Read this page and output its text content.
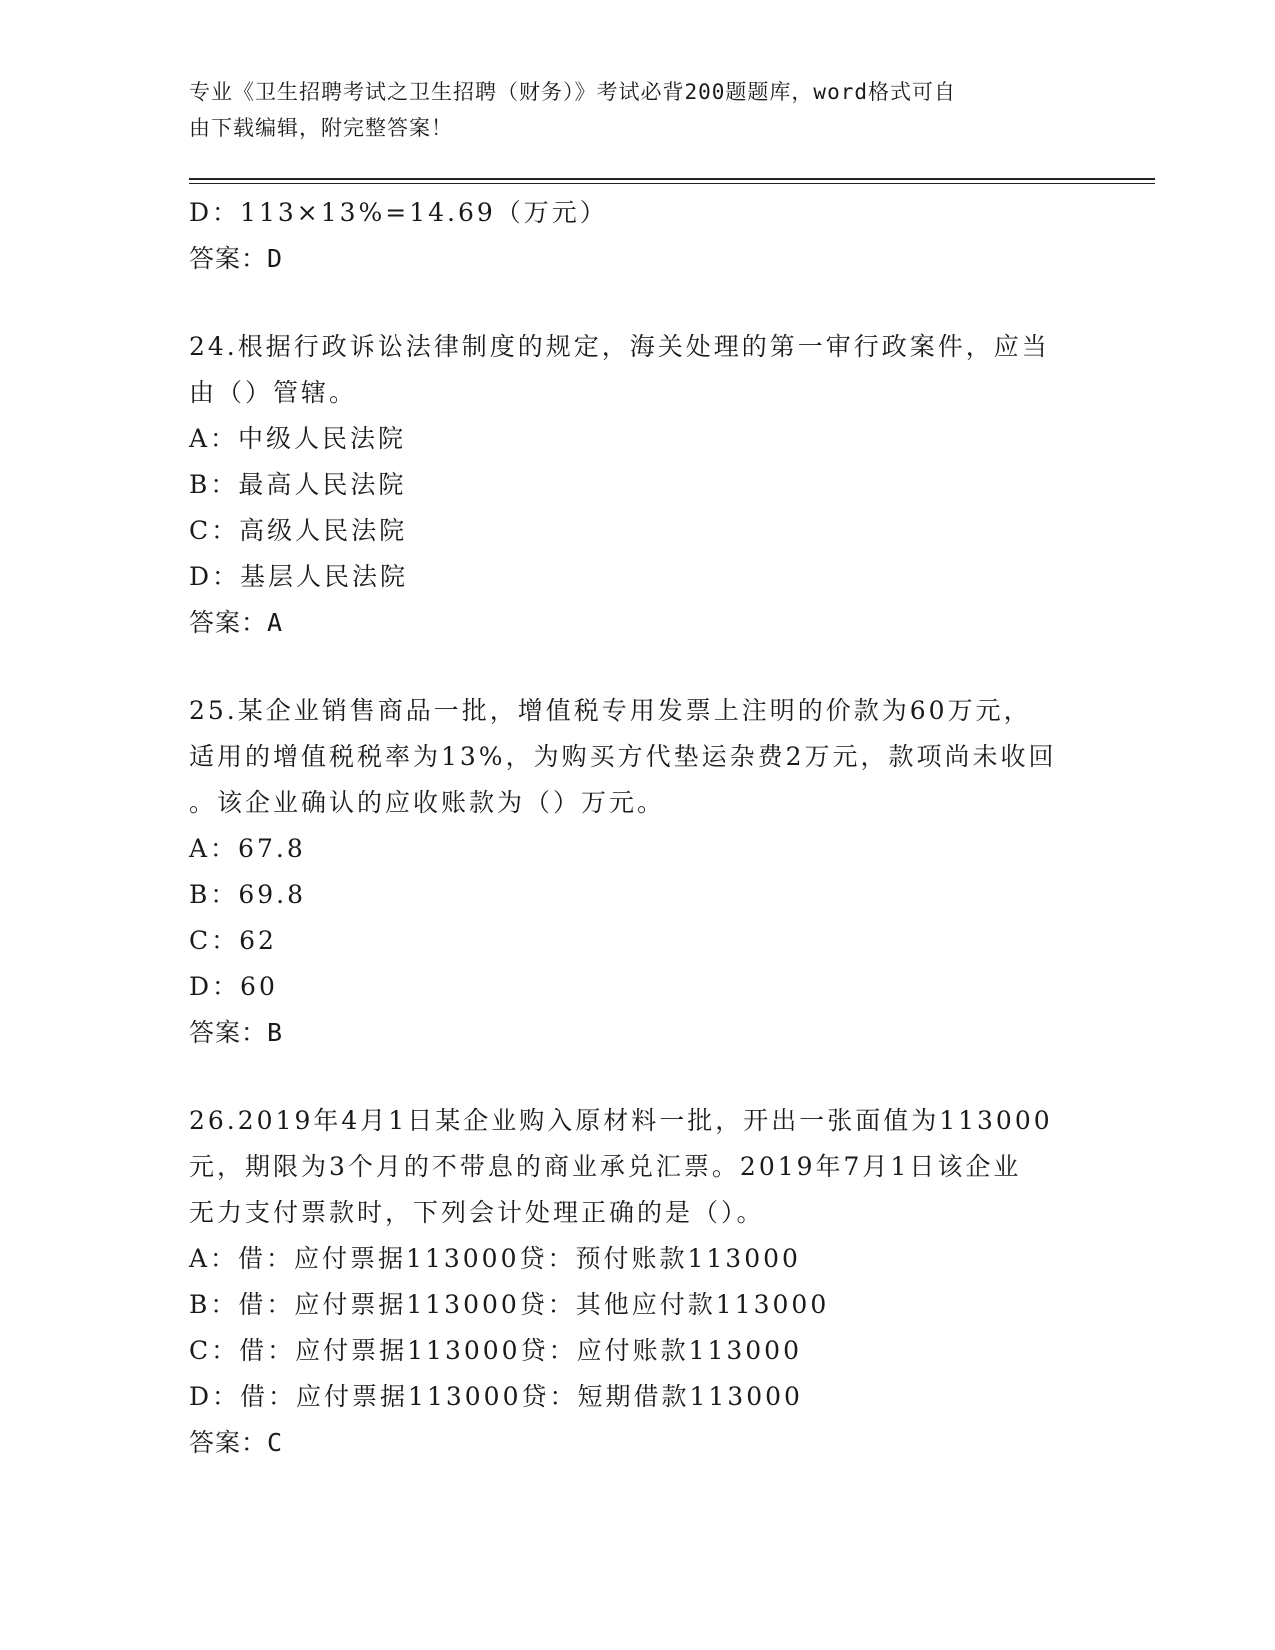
专业《卫生招聘考试之卫生招聘（财务）》考试必背200题题库，word格式可自
由下载编辑，附完整答案！
D：113×13%=14.69（万元）
答案：D
24.根据行政诉讼法律制度的规定，海关处理的第一审行政案件，应当
由（）管辖。
A：中级人民法院
B：最高人民法院
C：高级人民法院
D：基层人民法院
答案：A
25.某企业销售商品一批，增值税专用发票上注明的价款为60万元，
适用的增值税税率为13%，为购买方代垫运杂费2万元，款项尚未收回
。该企业确认的应收账款为（）万元。
A：67.8
B：69.8
C：62
D：60
答案：B
26.2019年4月1日某企业购入原材料一批，开出一张面值为113000
元，期限为3个月的不带息的商业承兑汇票。2019年7月1日该企业
无力支付票款时，下列会计处理正确的是（）。
A：借：应付票据113000贷：预付账款113000
B：借：应付票据113000贷：其他应付款113000
C：借：应付票据113000贷：应付账款113000
D：借：应付票据113000贷：短期借款113000
答案：C
